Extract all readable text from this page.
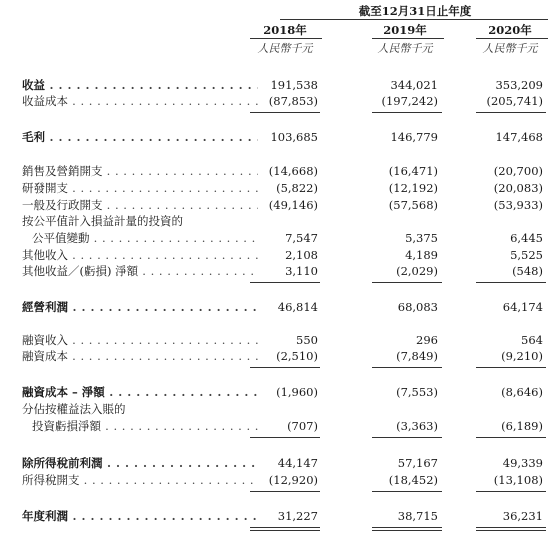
截至12月31日止年度
2018年	2019年	2020年
人民幣千元	人民幣千元	人民幣千元
收益 . . .	191,538	344,021	353,209
收益成本 . . .	(87,853)	(197,242)	(205,741)
毛利 . . .	103,685	146,779	147,468
銷售及營銷開支 . . .	(14,668)	(16,471)	(20,700)
研發開支 . . .	(5,822)	(12,192)	(20,083)
一般及行政開支 . . .	(49,146)	(57,568)	(53,933)
按公平值計入損益計量的投資的
公平值變動 . . .	7,547	5,375	6,445
其他收入 . . .	2,108	4,189	5,525
其他收益／(虧損) 淨額 . . .	3,110	(2,029)	(548)
經營利潤 . . .	46,814	68,083	64,174
融資收入 . . .	550	296	564
融資成本 . . .	(2,510)	(7,849)	(9,210)
融資成本 – 淨額 . . .	(1,960)	(7,553)	(8,646)
分佔按權益法入賬的
投資虧損淨額 . . .	(707)	(3,363)	(6,189)
除所得稅前利潤 . . .	44,147	57,167	49,339
所得稅開支 . . .	(12,920)	(18,452)	(13,108)
年度利潤 . . .	31,227	38,715	36,231
